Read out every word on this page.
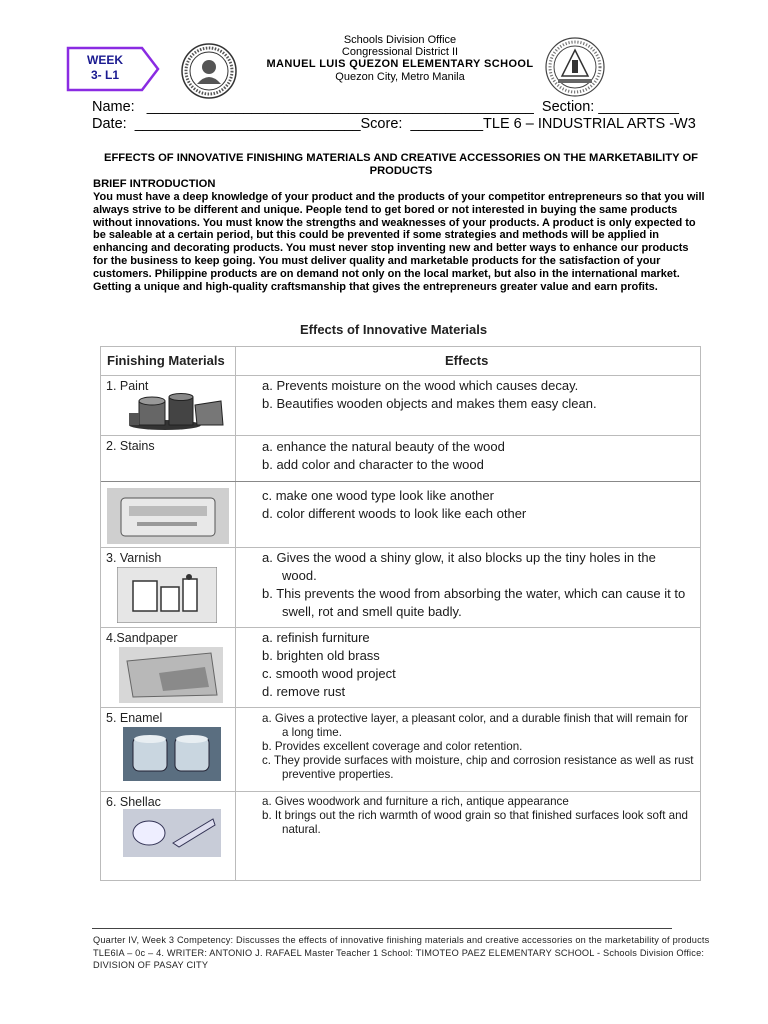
WEEK
3- L1
Schools Division Office
Congressional District II
MANUEL LUIS QUEZON ELEMENTARY SCHOOL
Quezon City, Metro Manila
Name:   ________________________________________________  Section: __________
Date:  ____________________________Score:  _________TLE 6 – INDUSTRIAL ARTS -W3
EFFECTS OF INNOVATIVE FINISHING MATERIALS AND CREATIVE ACCESSORIES ON THE MARKETABILITY OF PRODUCTS
BRIEF INTRODUCTION
You must have a deep knowledge of your product and the products of your competitor entrepreneurs so that you will always strive to be different and unique. People tend to get bored or not interested in buying the same products without innovations. You must know the strengths and weaknesses of your products. A product is only expected to be saleable at a certain period, but this could be prevented if some strategies and methods will be applied in enhancing and decorating products. You must never stop inventing new and better ways to enhance our products for the business to keep going. You must deliver quality and marketable products for the satisfaction of your customers. Philippine products are on demand not only on the local market, but also in the international market. Getting a unique and high-quality craftsmanship that gives the entrepreneurs greater value and earn profits.
Effects of Innovative Materials
Finishing Materials	Effects
1. Paint	a. Prevents moisture on the wood which causes decay.
b. Beautifies wooden objects and makes them easy clean.
2. Stains	a. enhance the natural beauty of the wood
b. add color and character to the wood
c. make one wood type look like another
d. color different woods to look like each other
3. Varnish	a. Gives the wood a shiny glow, it also blocks up the tiny holes in the wood.
b. This prevents the wood from absorbing the water, which can cause it to swell, rot and smell quite badly.
4.Sandpaper	a. refinish furniture
b. brighten old brass
c. smooth wood project
d. remove rust
5. Enamel	a. Gives a protective layer, a pleasant color, and a durable finish that will remain for a long time.
b. Provides excellent coverage and color retention.
c. They provide surfaces with moisture, chip and corrosion resistance as well as rust preventive properties.
6. Shellac	a. Gives woodwork and furniture a rich, antique appearance
b. It brings out the rich warmth of wood grain so that finished surfaces look soft and natural.
Quarter IV, Week 3 Competency: Discusses the effects of innovative finishing materials and creative accessories on the marketability of products TLE6IA – 0c – 4. WRITER: ANTONIO J. RAFAEL Master Teacher 1 School: TIMOTEO PAEZ ELEMENTARY SCHOOL - Schools Division Office: DIVISION OF PASAY CITY
